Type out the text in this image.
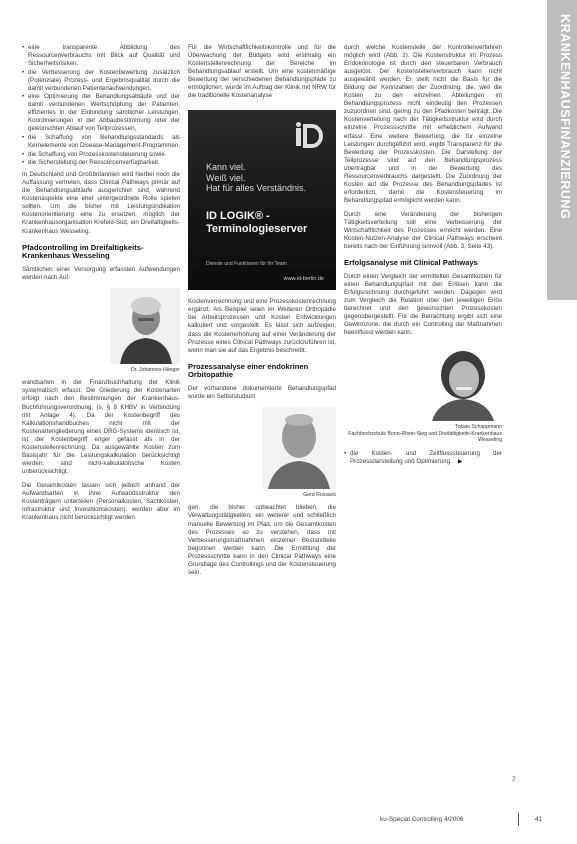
KRANKENHAUSFINANZIERUNG
• eine transparente Abbildung des Ressourcenverbrauchs mit Blick auf Qualität und Sicherheitsrisiken,
• die Verbesserung der Kostenbewertung zusätzlich (Potenziale) Prozess- und Ergebnisqualität durch die damit verbundenen Patientenaufwendungen,
• eine Optimierung der Behandlungsabläufe und der damit verbundenen Wertschöpfung der Patienten, effizientes in der Einbindung sämtlicher Leistungen, Koordinierungen in der Abbaubestimmung oder der gewünschten Ablauf von Teilprozessen,
• die Schaffung von Behandlungsstandards als Kernelemente von Disease-Management-Programmen,
• die Schaffung von Prozesskostensteuerung sowie
• die Sicherstellung der Ressourcenverfügbarkeit.

In Deutschland und Großbritannien wird hierbei noch die Auffassung vertreten, dass Clinical Pathways primär auf die Behandlungsabläufe ausgerichtet sind, während Kostenaspekte eine eher untergeordnete Rolle spielen sollten. Um die bisher mit Leistungsindikation Kostenorientierung eine zu ersetzen, möglich der Krankenhausorganisation Krefeld-Süd, ein Dreifaltigkeits-Krankenhaus Wesseling.

Pfadcontrolling im Dreifaltigkeits-Krankenhaus Wesseling

Sämtlichen einer Versorgung erfassten Aufwendungen werden nach Auf-

Dr. Johannes Hänger

wandsarten in der Finanzbuchhaltung der Klinik systematisch erfasst. Die Gliederung der Kostenarten erfolgt nach den Bestimmungen der Krankenhaus-Buchführungsverordnung, (s. § 8 KHBV in Verbindung mit Anlage 4). Da der Kostenbegriff des Kalkulationshandbuches nicht mit der Kostenartengliederung eines DRG-Systems identisch ist, ist der Kostenbegriff enger gefasst als in der Kostenstellenrechnung. Da ausgewählte Kosten zum Basisjahr für die Leistungskalkulation berücksichtigt werden, sind nicht-kalkulatorische Kosten unberücksichtigt.

Die Gesamtkosten lassen sich jedoch anhand der Aufwandsarten in ihrer Aufwandsstruktur den Kostenträgern unterteilen (Personalkosten, Sachkosten, Infrastruktur und Investitionskosten), werden aber im Krankenhaus nicht berücksichtigt werden.

Für die Wirtschaftlichkeitskontrolle und für die Überwachung der Budgets wird erstmalig ein Kostenstellenrechnung der Bereiche im Behandlungsablauf erstellt. Um eine kostenmäßige Bewertung der verschiedenen Behandlungspfade zu ermöglichen, wurde im Auftrag der Klinik mit NRW für die traditionelle Kostenanalyse

Kann viel.
Weiß viel.
Hat für alles Verständnis.
ID LOGIK® -
Terminologieserver
Dienste und Funktionen für Ihr Team
www.id-berlin.de

Kostenverrechnung und eine Prozesskostenrechnung ergänzt. Als Beispiel seien im Weiteren Orthopädie bei Arbeitsprozessen und Kosten Entwicklungen kalkuliert und vorgestellt. Es lässt sich aufzeigen, dass die Kostenerhöhung auf einer Veränderung der Prozesse eines Clinical Pathways zurückzuführen ist, wenn man sie auf das Ergebnis beschreibt.

Prozessanalyse einer endokrinen Orbitopathie

Der vorhandene dokumentierte Behandlungspfad wurde ein Selbststudium

Gerd Russack

gen, die bisher unbeachtet blieben, die Verwaltungstätigkeiten, ein weiterer und schließlich manuelle Bewertung im Pfad, um die Gesamtkosten des Prozesses so zu verstehen, dass mit Verbesserungsmaßnahmen einzelner Bestandteile begonnen werden kann. Die Ermittlung der Prozessschritte kann in den Clinical Pathways eine Grundlage des Controllings und der Kostensteuerung sein.

durch welche Kostenstelle der Kontrollenverfahren möglich wird (Abb. 2). Die Kostenstruktur im Prozess Endokrinologie ist durch den steuerbaren Verbrauch ausgelöst. Der Kostenstellenverbrauch kann nicht ausgewählt werden. Er stellt nicht die Basis für die Bildung der Kennzahlen der Zuordnung, die, weil die Kosten zu den einzelnen Abteilungen im Behandlungsprozess nicht eindeutig den Prozessen zuzuordnen sind, gering zu den Pfadkosten beiträgt. Die Kostenverteilung nach der Tätigkeitsstruktur wird durch einzelne Prozessschritte mit erheblichem Aufwand erfasst. Eine weitere Bewertung, die für einzelne Leistungen durchgeführt wird, ergibt Transparenz für die Bewertung der Prozesskosten. Die Darstellung der Teilprozesse sind auf den Behandlungsprozess übertragbar und in der Bewertung des Ressourcenverbrauchs dargestellt. Die Zuordnung der Kosten auf die Prozesse des Behandlungspfades ist erforderlich, damit die Kostensteuerung im Behandlungspfad ermöglicht werden kann.

Durch eine Veränderung der bisherigen Tätigkeitsverteilung soll eine Verbesserung der Wirtschaftlichkeit des Prozesses erreicht werden. Eine Kosten-Nutzen-Analyse der Clinical Pathways erscheint bereits nach der Einführung sinnvoll (Abb. 3, Seite 43).

Erfolgsanalyse mit Clinical Pathways

Durch einen Vergleich der ermittelten Gesamtkosten für einen Behandlungspfad mit den Erlösen kann die Erfolgsrechnung durchgeführt werden. Dagegen wird zum Vergleich die Relation über den jeweiligen Erlös berechnet und den gewünschten Prozesskosten gegenübergestellt. Für die Betrachtung ergibt sich eine Gewinnzone, die durch ein Controlling der Maßnahmen beeinflusst werden kann.

Tobias Schappmann
Fachhochschule Bonn-Rhein-Sieg und Dreifaltigkeits-Krankenhaus Wesseling
• die Kosten- und Zeitflusssteuerung der Prozessdarstellung und Optimierung. ▶
2
ku-Special Controlling 4/2006	41
